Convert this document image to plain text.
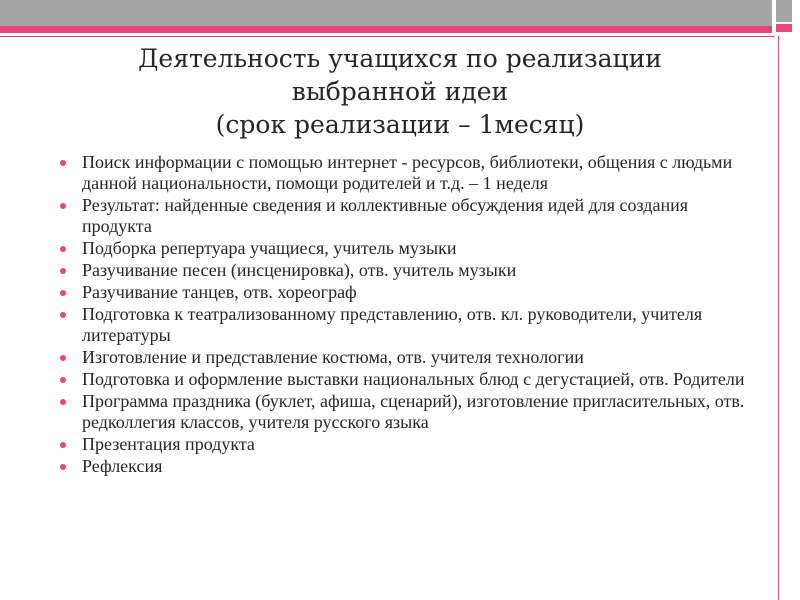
Деятельность учащихся по реализации
выбранной идеи
(срок реализации – 1месяц)
Поиск информации с помощью интернет - ресурсов, библиотеки, общения с людьми данной национальности, помощи родителей и т.д. – 1 неделя
Результат: найденные сведения и коллективные обсуждения идей для создания продукта
Подборка репертуара учащиеся, учитель музыки
Разучивание песен (инсценировка), отв. учитель музыки
Разучивание танцев, отв. хореограф
Подготовка к театрализованному представлению, отв. кл. руководители, учителя литературы
Изготовление и представление костюма, отв. учителя технологии
Подготовка и оформление выставки национальных блюд с дегустацией, отв. Родители
Программа праздника (буклет, афиша, сценарий), изготовление пригласительных, отв. редколлегия классов, учителя русского языка
Презентация продукта
Рефлексия
